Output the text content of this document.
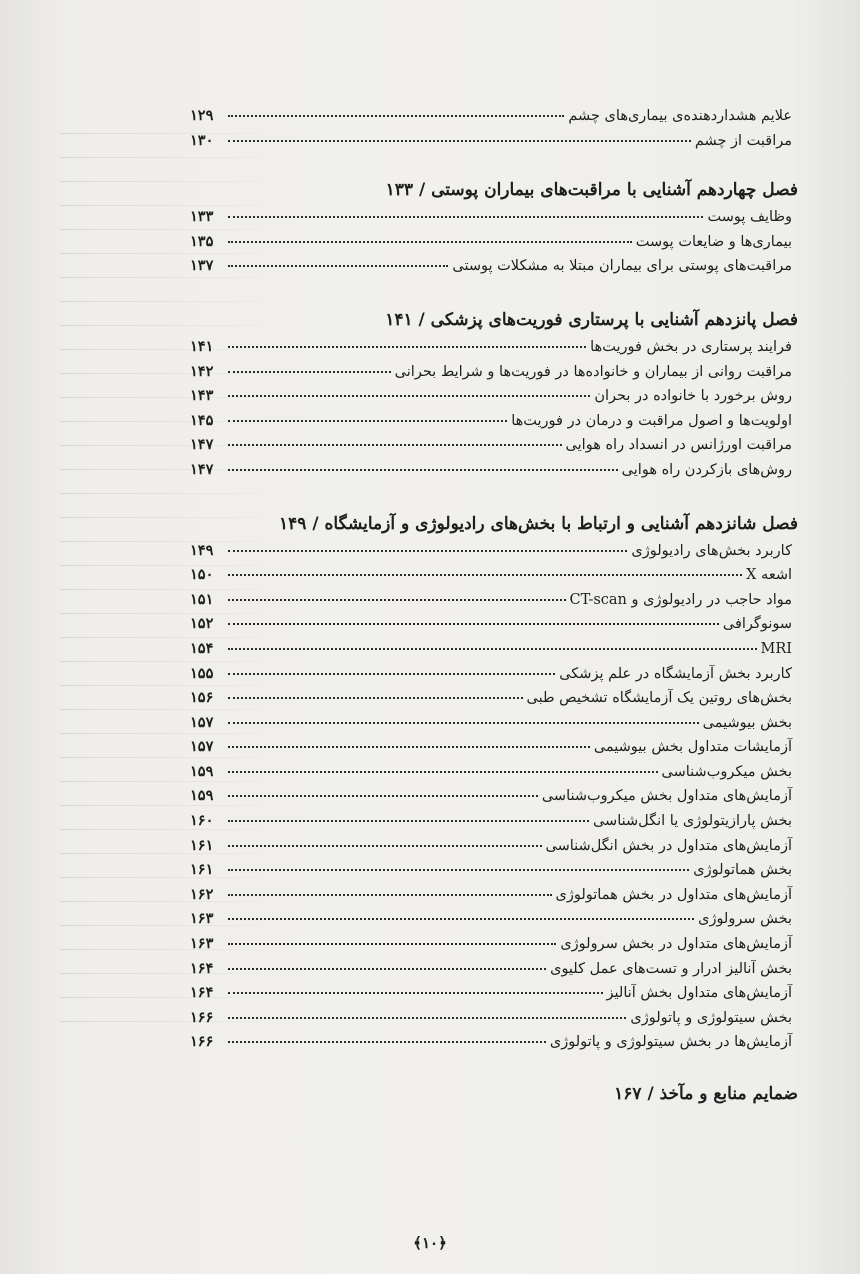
علایم هشداردهنده‌ی بیماری‌های چشم
۱۲۹
مراقبت از چشم
۱۳۰
فصل چهاردهم آشنایی با مراقبت‌های بیماران پوستی / ۱۳۳
وظایف پوست
۱۳۳
بیماری‌ها و ضایعات پوست
۱۳۵
مراقبت‌های پوستی برای بیماران مبتلا به مشکلات پوستی
۱۳۷
فصل پانزدهم آشنایی با پرستاری فوریت‌های پزشکی / ۱۴۱
فرایند پرستاری در بخش فوریت‌ها
۱۴۱
مراقبت روانی از بیماران و خانواده‌ها در فوریت‌ها و شرایط بحرانی
۱۴۲
روش برخورد با خانواده در بحران
۱۴۳
اولویت‌ها و اصول مراقبت و درمان در فوریت‌ها
۱۴۵
مراقبت اورژانس در انسداد راه هوایی
۱۴۷
روش‌های بازکردن راه هوایی
۱۴۷
فصل شانزدهم آشنایی و ارتباط با بخش‌های رادیولوژی و آزمایشگاه / ۱۴۹
کاربرد بخش‌های رادیولوژی
۱۴۹
اشعه X
۱۵۰
مواد حاجب در رادیولوژی و CT-scan
۱۵۱
سونوگرافی
۱۵۲
MRI
۱۵۴
کاربرد بخش آزمایشگاه در علم پزشکی
۱۵۵
بخش‌های روتین یک آزمایشگاه تشخیص طبی
۱۵۶
بخش بیوشیمی
۱۵۷
آزمایشات متداول بخش بیوشیمی
۱۵۷
بخش میکروب‌شناسی
۱۵۹
آزمایش‌های متداول بخش میکروب‌شناسی
۱۵۹
بخش پارازیتولوژی یا انگل‌شناسی
۱۶۰
آزمایش‌های متداول در بخش انگل‌شناسی
۱۶۱
بخش هماتولوژی
۱۶۱
آزمایش‌های متداول در بخش هماتولوژی
۱۶۲
بخش سرولوژی
۱۶۳
آزمایش‌های متداول در بخش سرولوژی
۱۶۳
بخش آنالیز ادرار و تست‌های عمل کلیوی
۱۶۴
آزمایش‌های متداول بخش آنالیز
۱۶۴
بخش سیتولوژی و پاتولوژی
۱۶۶
آزمایش‌ها در بخش سیتولوژی و پاتولوژی
۱۶۶
ضمایم منابع و مآخذ / ۱۶۷
﴿۱۰﴾
